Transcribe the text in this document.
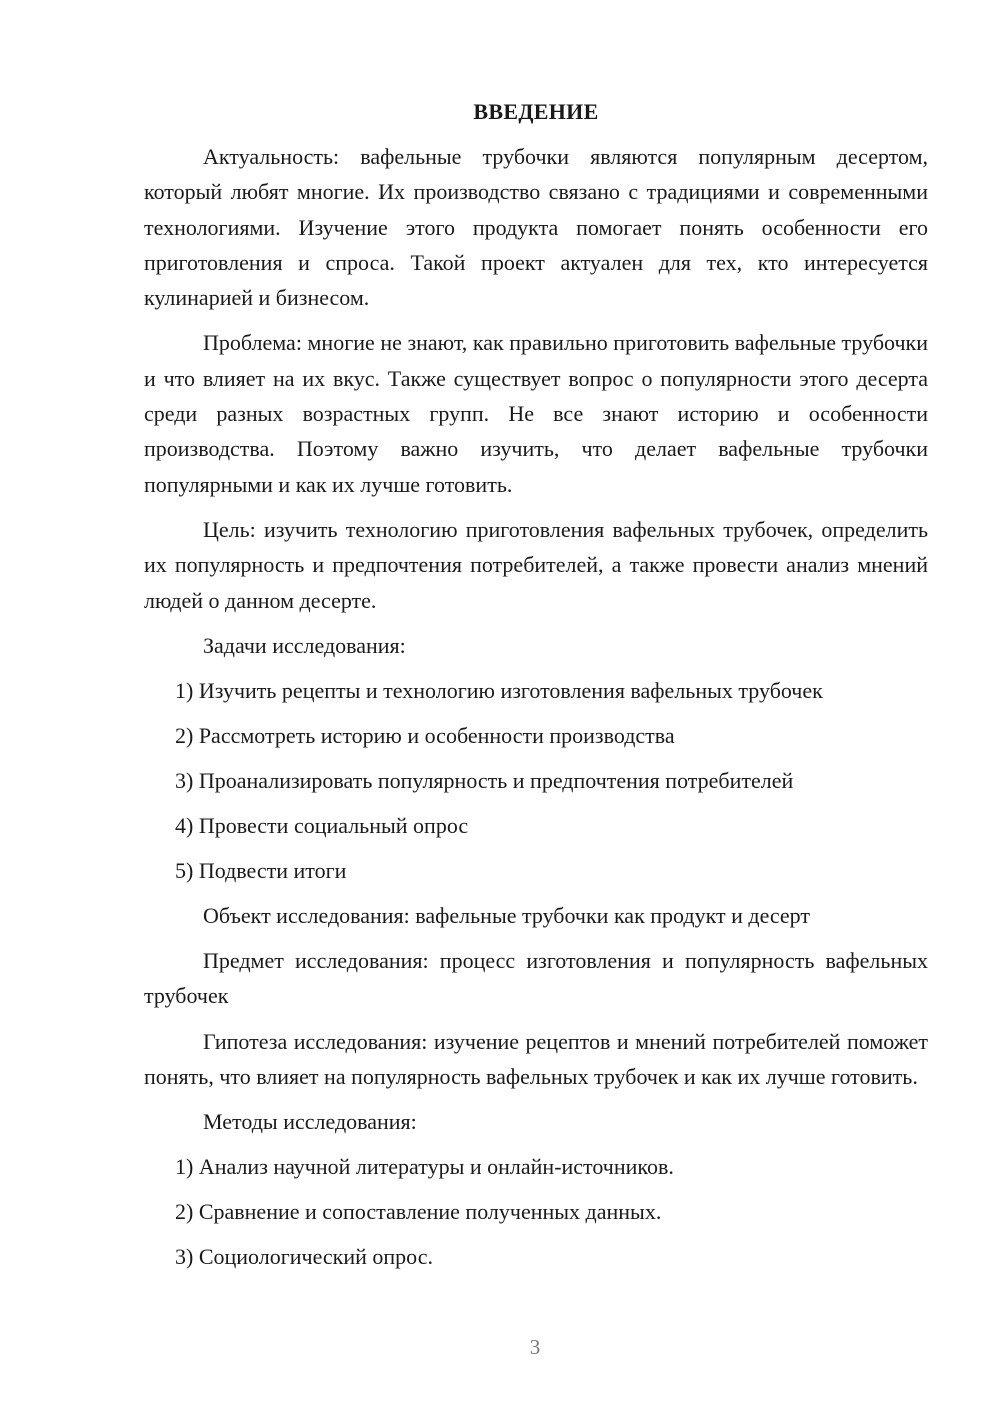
ВВЕДЕНИЕ

Актуальность: вафельные трубочки являются популярным десертом, который любят многие. Их производство связано с традициями и современными технологиями. Изучение этого продукта помогает понять особенности его приготовления и спроса. Такой проект актуален для тех, кто интересуется кулинарией и бизнесом.

Проблема: многие не знают, как правильно приготовить вафельные трубочки и что влияет на их вкус. Также существует вопрос о популярности этого десерта среди разных возрастных групп. Не все знают историю и особенности производства. Поэтому важно изучить, что делает вафельные трубочки популярными и как их лучше готовить.

Цель: изучить технологию приготовления вафельных трубочек, определить их популярность и предпочтения потребителей, а также провести анализ мнений людей о данном десерте.

Задачи исследования:

1) Изучить рецепты и технологию изготовления вафельных трубочек

2) Рассмотреть историю и особенности производства

3) Проанализировать популярность и предпочтения потребителей

4) Провести социальный опрос

5) Подвести итоги

Объект исследования: вафельные трубочки как продукт и десерт

Предмет исследования: процесс изготовления и популярность вафельных трубочек

Гипотеза исследования: изучение рецептов и мнений потребителей поможет понять, что влияет на популярность вафельных трубочек и как их лучше готовить.

Методы исследования:

1) Анализ научной литературы и онлайн-источников.

2) Сравнение и сопоставление полученных данных.

3) Социологический опрос.

3
